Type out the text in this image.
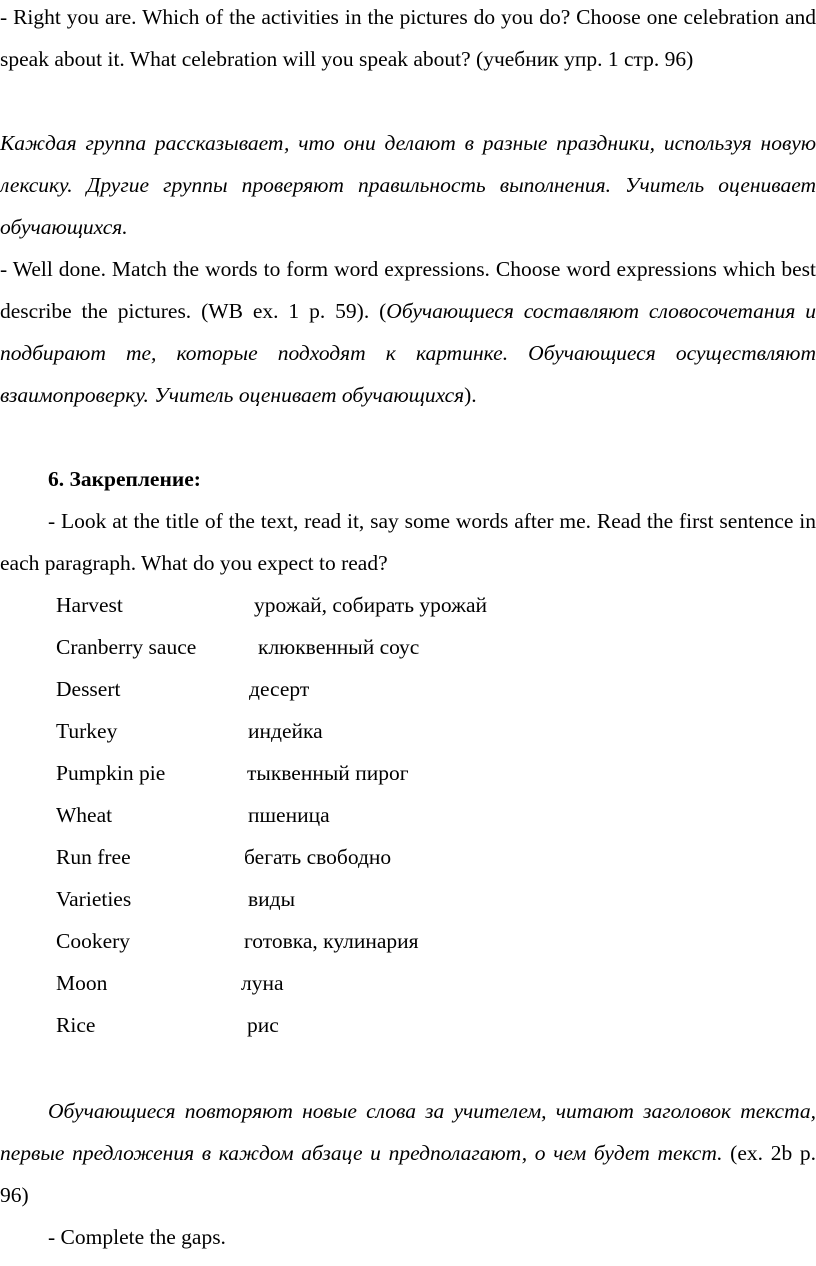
- Right you are. Which of the activities in the pictures do you do? Choose one celebration and speak about it. What celebration will you speak about? (учебник упр. 1 стр. 96)
Каждая группа рассказывает, что они делают в разные праздники, используя новую лексику. Другие группы проверяют правильность выполнения. Учитель оценивает обучающихся.
- Well done. Match the words to form word expressions. Choose word expressions which best describe the pictures. (WB ex. 1 p. 59). (Обучающиеся составляют словосочетания и подбирают те, которые подходят к картинке. Обучающиеся осуществляют взаимопроверку. Учитель оценивает обучающихся).
6. Закрепление:
- Look at the title of the text, read it, say some words after me. Read the first sentence in each paragraph. What do you expect to read?
Harvest	урожай, собирать урожай
Cranberry sauce	клюквенный соус
Dessert	десерт
Turkey	индейка
Pumpkin pie	тыквенный пирог
Wheat	пшеница
Run free	бегать свободно
Varieties	виды
Cookery	готовка, кулинария
Moon	луна
Rice	рис
Обучающиеся повторяют новые слова за учителем, читают заголовок текста, первые предложения в каждом абзаце и предполагают, о чем будет текст. (ex. 2b p. 96)
- Complete the gaps.
